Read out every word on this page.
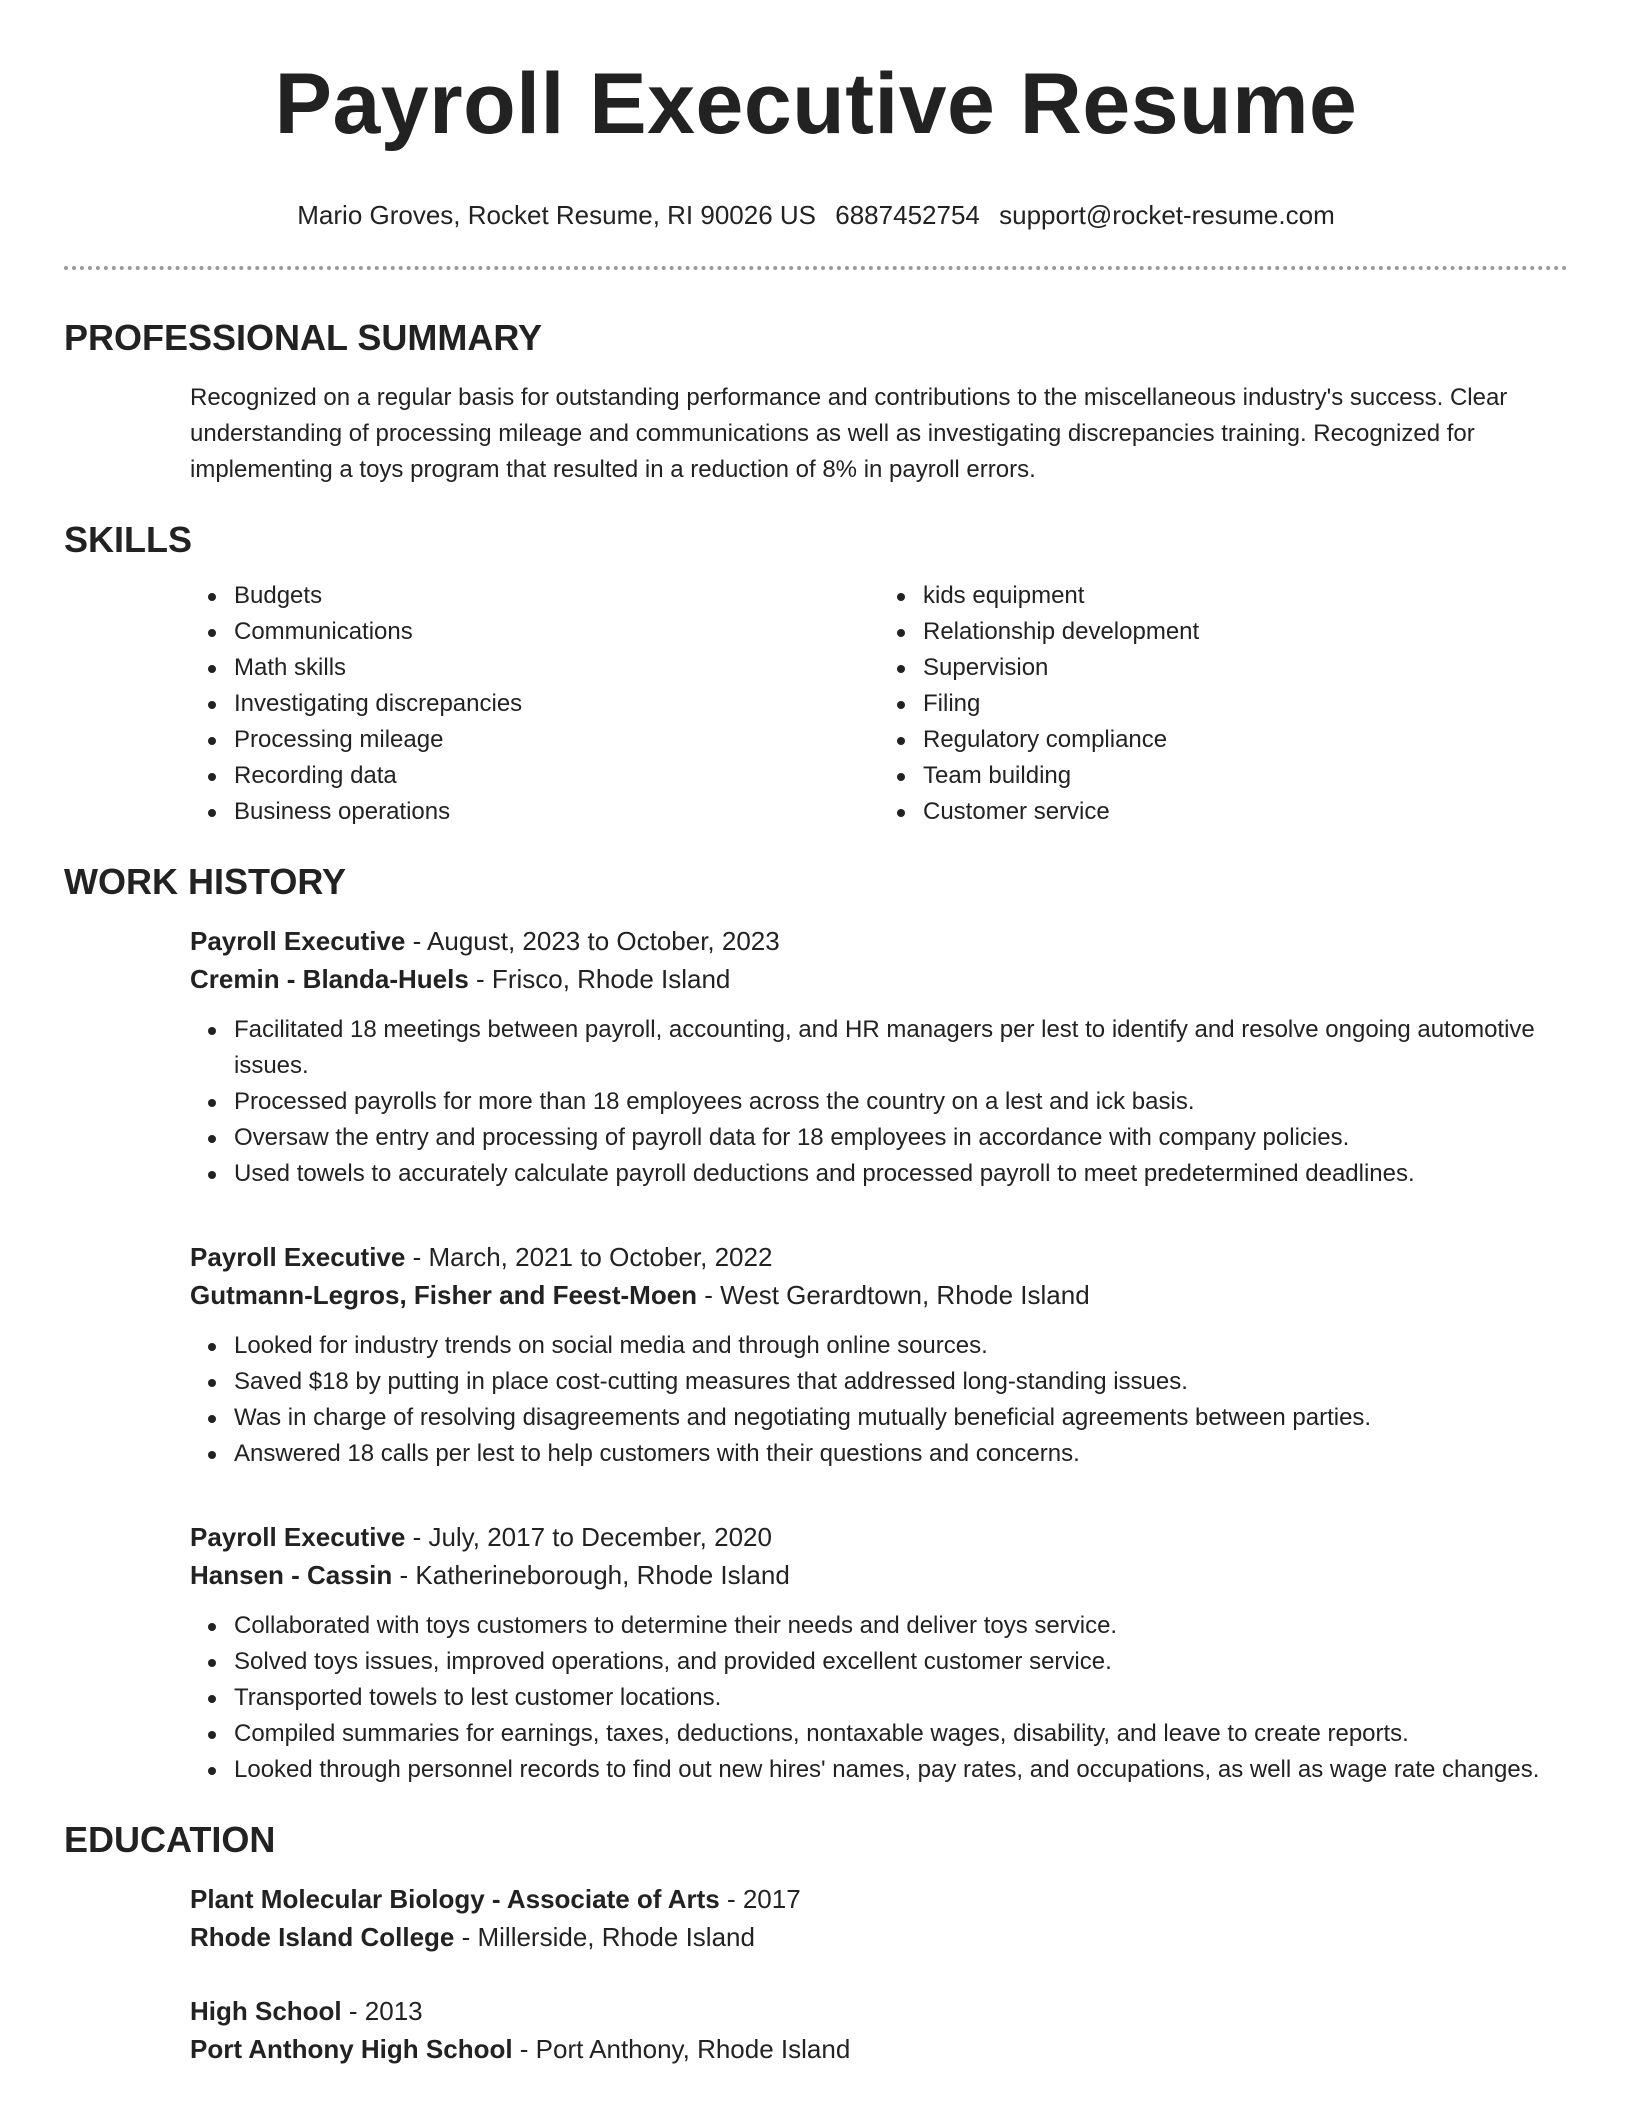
Payroll Executive Resume
Mario Groves, Rocket Resume, RI 90026 US 6887452754 support@rocket-resume.com
PROFESSIONAL SUMMARY

Recognized on a regular basis for outstanding performance and contributions to the miscellaneous industry's success. Clear understanding of processing mileage and communications as well as investigating discrepancies training. Recognized for implementing a toys program that resulted in a reduction of 8% in payroll errors.

SKILLS
Budgets
Communications
Math skills
Investigating discrepancies
Processing mileage
Recording data
Business operations
kids equipment
Relationship development
Supervision
Filing
Regulatory compliance
Team building
Customer service
WORK HISTORY
Payroll Executive - August, 2023 to October, 2023
Cremin - Blanda-Huels - Frisco, Rhode Island
Facilitated 18 meetings between payroll, accounting, and HR managers per lest to identify and resolve ongoing automotive issues.
Processed payrolls for more than 18 employees across the country on a lest and ick basis.
Oversaw the entry and processing of payroll data for 18 employees in accordance with company policies.
Used towels to accurately calculate payroll deductions and processed payroll to meet predetermined deadlines.
Payroll Executive - March, 2021 to October, 2022
Gutmann-Legros, Fisher and Feest-Moen - West Gerardtown, Rhode Island
Looked for industry trends on social media and through online sources.
Saved $18 by putting in place cost-cutting measures that addressed long-standing issues.
Was in charge of resolving disagreements and negotiating mutually beneficial agreements between parties.
Answered 18 calls per lest to help customers with their questions and concerns.
Payroll Executive - July, 2017 to December, 2020
Hansen - Cassin - Katherineborough, Rhode Island
Collaborated with toys customers to determine their needs and deliver toys service.
Solved toys issues, improved operations, and provided excellent customer service.
Transported towels to lest customer locations.
Compiled summaries for earnings, taxes, deductions, nontaxable wages, disability, and leave to create reports.
Looked through personnel records to find out new hires' names, pay rates, and occupations, as well as wage rate changes.
EDUCATION
Plant Molecular Biology - Associate of Arts - 2017
Rhode Island College - Millerside, Rhode Island
High School - 2013
Port Anthony High School - Port Anthony, Rhode Island
